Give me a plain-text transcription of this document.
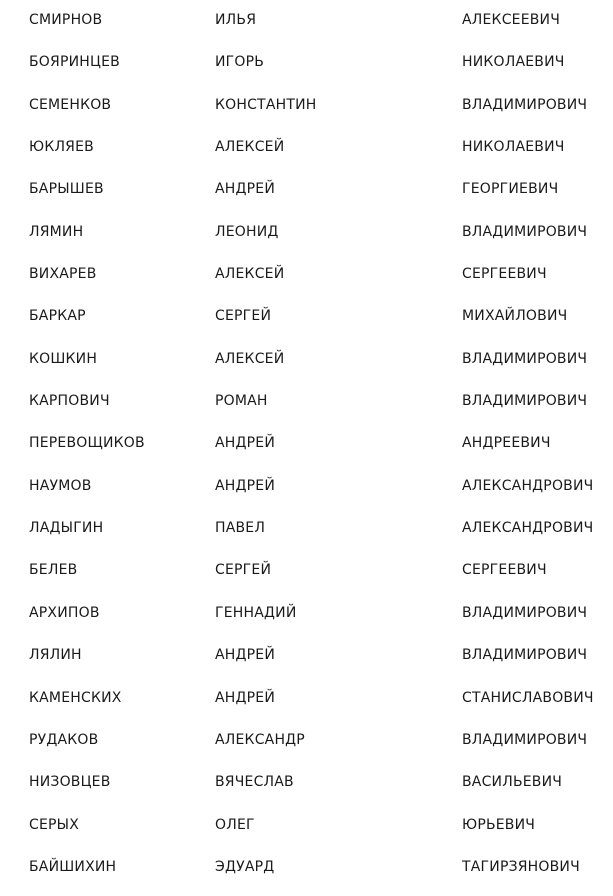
СМИРНОВ	ИЛЬЯ	АЛЕКСЕЕВИЧ
БОЯРИНЦЕВ	ИГОРЬ	НИКОЛАЕВИЧ
СЕМЕНКОВ	КОНСТАНТИН	ВЛАДИМИРОВИЧ
ЮКЛЯЕВ	АЛЕКСЕЙ	НИКОЛАЕВИЧ
БАРЫШЕВ	АНДРЕЙ	ГЕОРГИЕВИЧ
ЛЯМИН	ЛЕОНИД	ВЛАДИМИРОВИЧ
ВИХАРЕВ	АЛЕКСЕЙ	СЕРГЕЕВИЧ
БАРКАР	СЕРГЕЙ	МИХАЙЛОВИЧ
КОШКИН	АЛЕКСЕЙ	ВЛАДИМИРОВИЧ
КАРПОВИЧ	РОМАН	ВЛАДИМИРОВИЧ
ПЕРЕВОЩИКОВ	АНДРЕЙ	АНДРЕЕВИЧ
НАУМОВ	АНДРЕЙ	АЛЕКСАНДРОВИЧ
ЛАДЫГИН	ПАВЕЛ	АЛЕКСАНДРОВИЧ
БЕЛЕВ	СЕРГЕЙ	СЕРГЕЕВИЧ
АРХИПОВ	ГЕННАДИЙ	ВЛАДИМИРОВИЧ
ЛЯЛИН	АНДРЕЙ	ВЛАДИМИРОВИЧ
КАМЕНСКИХ	АНДРЕЙ	СТАНИСЛАВОВИЧ
РУДАКОВ	АЛЕКСАНДР	ВЛАДИМИРОВИЧ
НИЗОВЦЕВ	ВЯЧЕСЛАВ	ВАСИЛЬЕВИЧ
СЕРЫХ	ОЛЕГ	ЮРЬЕВИЧ
БАЙШИХИН	ЭДУАРД	ТАГИРЗЯНОВИЧ
